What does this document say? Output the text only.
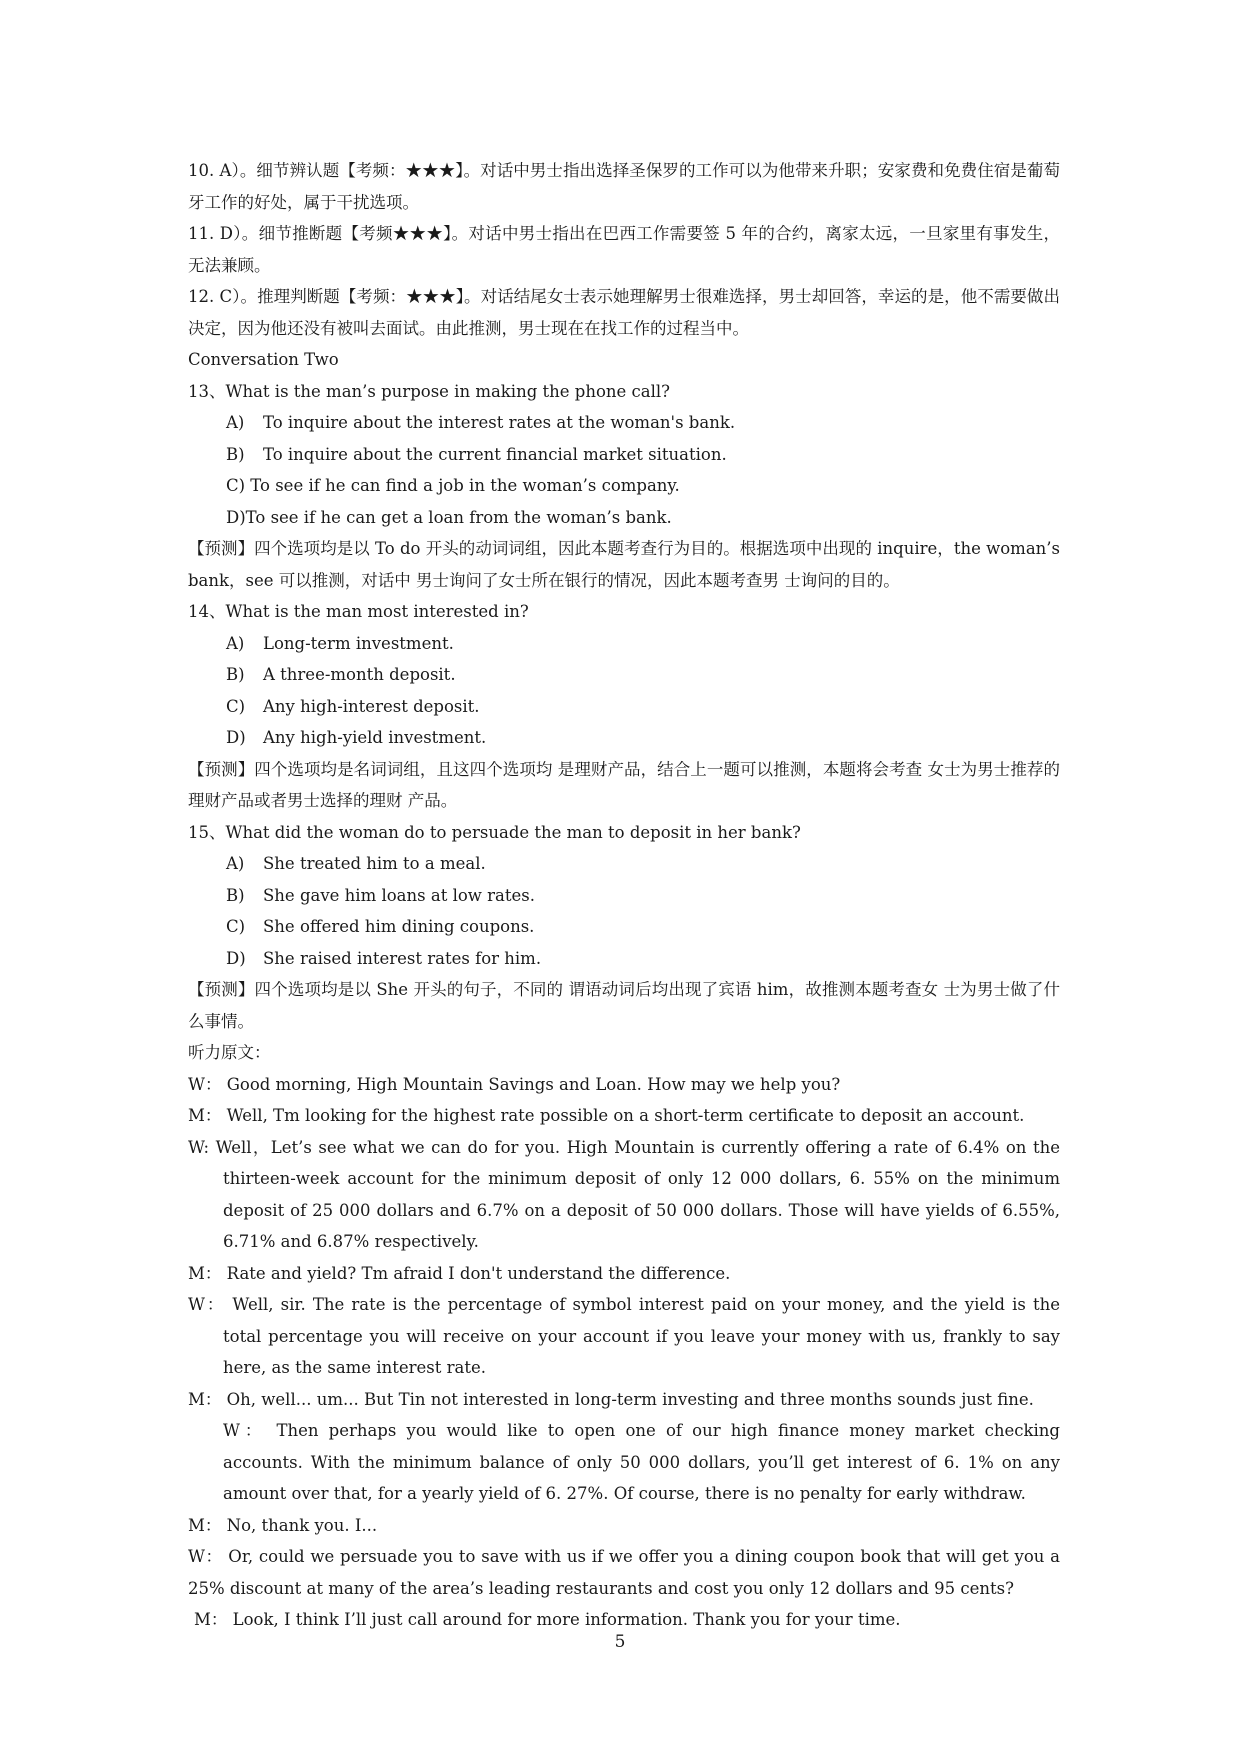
10. A）。细节辨认题【考频：★★★】。对话中男士指出选择圣保罗的工作可以为他带来升职；安家费和免费住宿是葡萄牙工作的好处，属于干扰选项。

11. D）。细节推断题【考频★★★】。对话中男士指出在巴西工作需要签 5 年的合约，离家太远，一旦家里有事发生，无法兼顾。

12. C）。推理判断题【考频：★★★】。对话结尾女士表示她理解男士很难选择，男士却回答，幸运的是，他不需要做出决定，因为他还没有被叫去面试。由此推测，男士现在在找工作的过程当中。

Conversation Two

13、What is the man’s purpose in making the phone call?

A) To inquire about the interest rates at the woman's bank.

B) To inquire about the current financial market situation.

C) To see if he can find a job in the woman’s company.

D)To see if he can get a loan from the woman’s bank.

【预测】四个选项均是以 To do 开头的动词词组，因此本题考查行为目的。根据选项中出现的 inquire，the woman’s bank，see 可以推测，对话中 男士询问了女士所在银行的情况，因此本题考查男 士询问的目的。

14、What is the man most interested in?

A) Long-term investment.

B) A three-month deposit.

C) Any high-interest deposit.

D) Any high-yield investment.

【预测】四个选项均是名词词组，且这四个选项均 是理财产品，结合上一题可以推测，本题将会考查 女士为男士推荐的理财产品或者男士选择的理财 产品。

15、What did the woman do to persuade the man to deposit in her bank?

A) She treated him to a meal.

B) She gave him loans at low rates.

C) She offered him dining coupons.

D) She raised interest rates for him.

【预测】四个选项均是以 She 开头的句子，不同的 谓语动词后均出现了宾语 him，故推测本题考查女 士为男士做了什么事情。

听力原文：

W： Good morning, High Mountain Savings and Loan. How may we help you?

M： Well, Tm looking for the highest rate possible on a short-term certificate to deposit an account.

W: Well，Let’s see what we can do for you. High Mountain is currently offering a rate of 6.4% on the thirteen-week account for the minimum deposit of only 12 000 dollars, 6. 55% on the minimum deposit of 25 000 dollars and 6.7% on a deposit of 50 000 dollars. Those will have yields of 6.55%, 6.71% and 6.87% respectively.

M： Rate and yield? Tm afraid I don't understand the difference.

W： Well, sir. The rate is the percentage of symbol interest paid on your money, and the yield is the total percentage you will receive on your account if you leave your money with us, frankly to say here, as the same interest rate.

M： Oh, well... um... But Tin not interested in long-term investing and three months sounds just fine.

W： Then perhaps you would like to open one of our high finance money market checking accounts. With the minimum balance of only 50 000 dollars, you’ll get interest of 6. 1% on any amount over that, for a yearly yield of 6. 27%. Of course, there is no penalty for early withdraw.

M： No, thank you. I...

W： Or, could we persuade you to save with us if we offer you a dining coupon book that will get you a 25% discount at many of the area’s leading restaurants and cost you only 12 dollars and 95 cents?

M： Look, I think I’ll just call around for more information. Thank you for your time.

5
